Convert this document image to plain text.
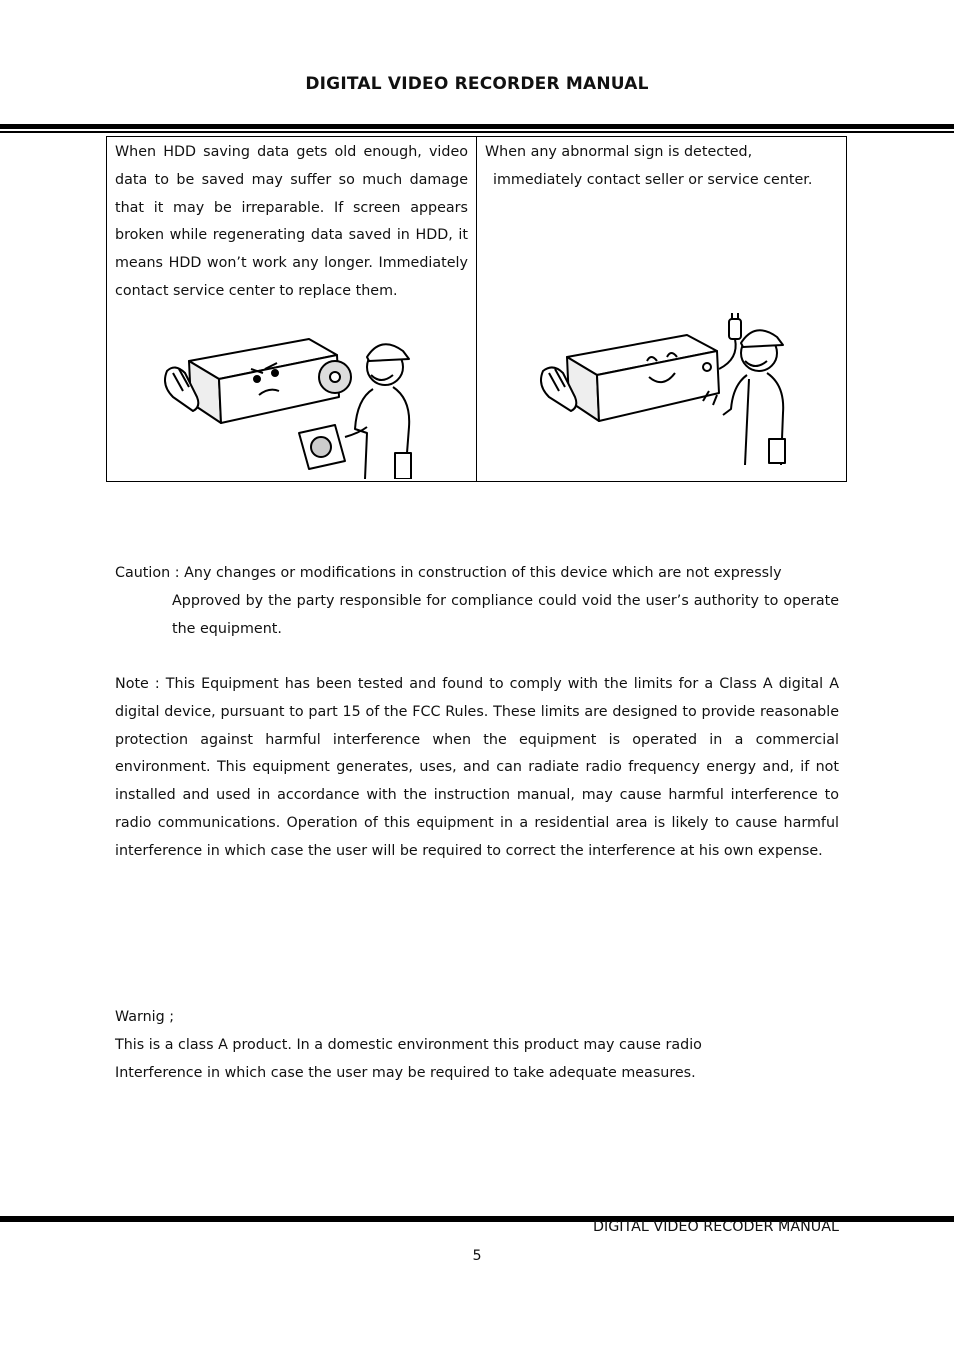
DIGITAL VIDEO RECORDER MANUAL
When HDD saving data gets old enough, video data to be saved may suffer so much damage that it may be irreparable. If screen appears broken while regenerating data saved in HDD, it means HDD won’t work any longer. Immediately contact service center to replace them.
When any abnormal sign is detected,
immediately contact seller or service center.
Caution : Any changes or modifications in construction of this device which are not expressly
Approved by the party responsible for compliance could void the user’s authority to operate the equipment.
Note : This Equipment has been tested and found to comply with the limits for a Class A digital A digital device, pursuant to part 15 of the FCC Rules. These limits are designed to provide reasonable protection against harmful interference when the equipment is operated in a commercial environment. This equipment generates, uses, and can radiate radio frequency energy and, if not installed and used in accordance with the instruction manual, may cause harmful interference to radio communications. Operation of this equipment in a residential area is likely to cause harmful interference in which case the user will be required to correct the interference at his own expense.
Warnig ;
This is a class A product. In a domestic environment this product may cause radio
Interference in which case the user may be required to take adequate measures.
DIGITAL VIDEO RECODER MANUAL
5
